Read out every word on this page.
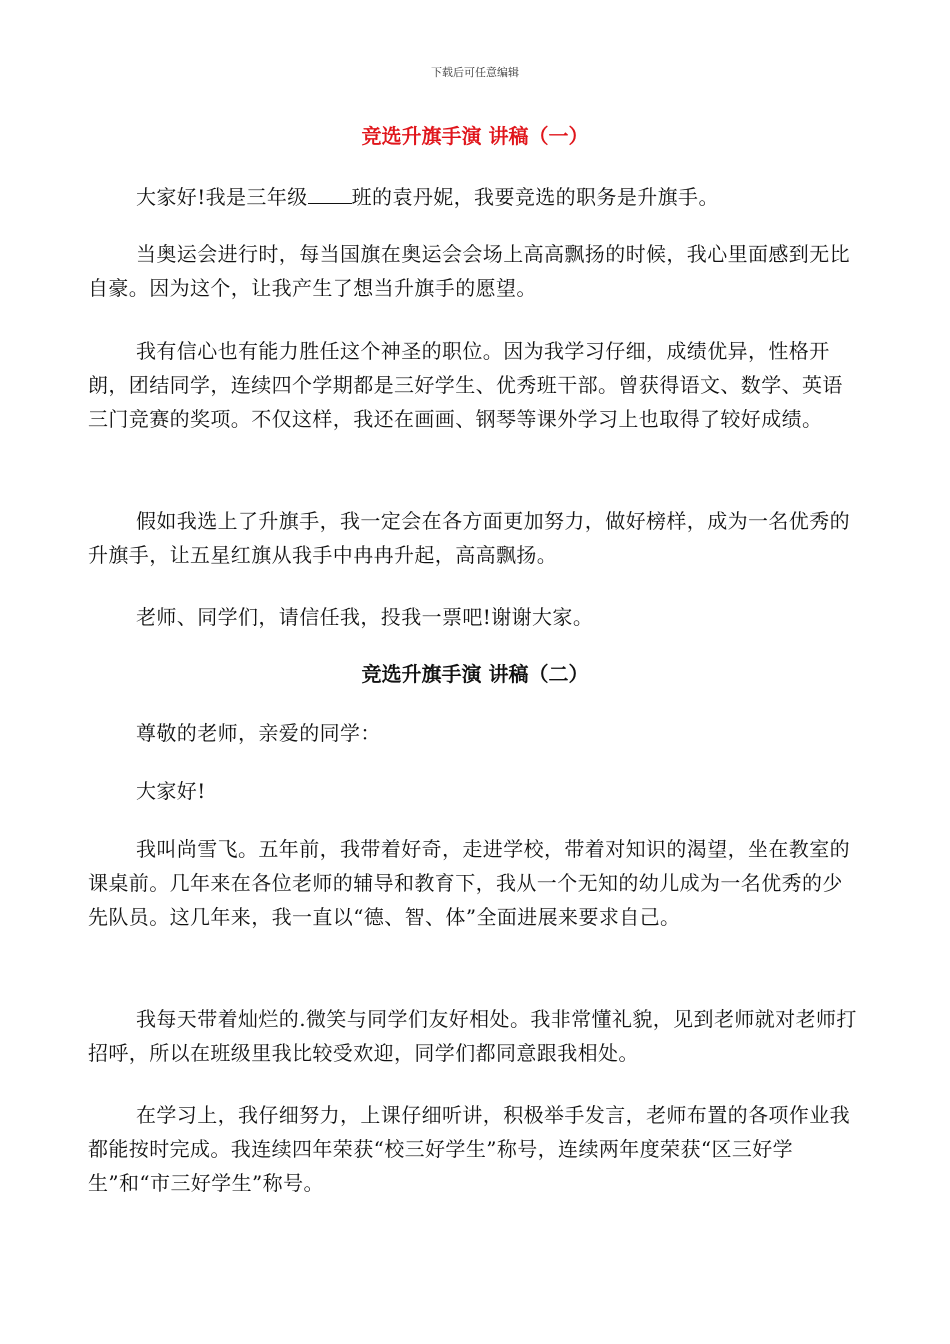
下载后可任意编辑
竞选升旗手演 讲稿（一）

大家好!我是三年级 班的袁丹妮，我要竞选的职务是升旗手。

当奥运会进行时，每当国旗在奥运会会场上高高飘扬的时候，我心里面感到无比自豪。因为这个，让我产生了想当升旗手的愿望。

我有信心也有能力胜任这个神圣的职位。因为我学习仔细，成绩优异，性格开朗，团结同学，连续四个学期都是三好学生、优秀班干部。曾获得语文、数学、英语三门竞赛的奖项。不仅这样，我还在画画、钢琴等课外学习上也取得了较好成绩。

假如我选上了升旗手，我一定会在各方面更加努力，做好榜样，成为一名优秀的升旗手，让五星红旗从我手中冉冉升起，高高飘扬。

老师、同学们，请信任我，投我一票吧!谢谢大家。

竞选升旗手演 讲稿（二）

尊敬的老师，亲爱的同学：

大家好!

我叫尚雪飞。五年前，我带着好奇，走进学校，带着对知识的渴望，坐在教室的课桌前。几年来在各位老师的辅导和教育下，我从一个无知的幼儿成为一名优秀的少先队员。这几年来，我一直以“德、智、体”全面进展来要求自己。

我每天带着灿烂的.微笑与同学们友好相处。我非常懂礼貌，见到老师就对老师打招呼，所以在班级里我比较受欢迎，同学们都同意跟我相处。

在学习上，我仔细努力，上课仔细听讲，积极举手发言，老师布置的各项作业我都能按时完成。我连续四年荣获“校三好学生”称号，连续两年度荣获“区三好学生”和“市三好学生”称号。
